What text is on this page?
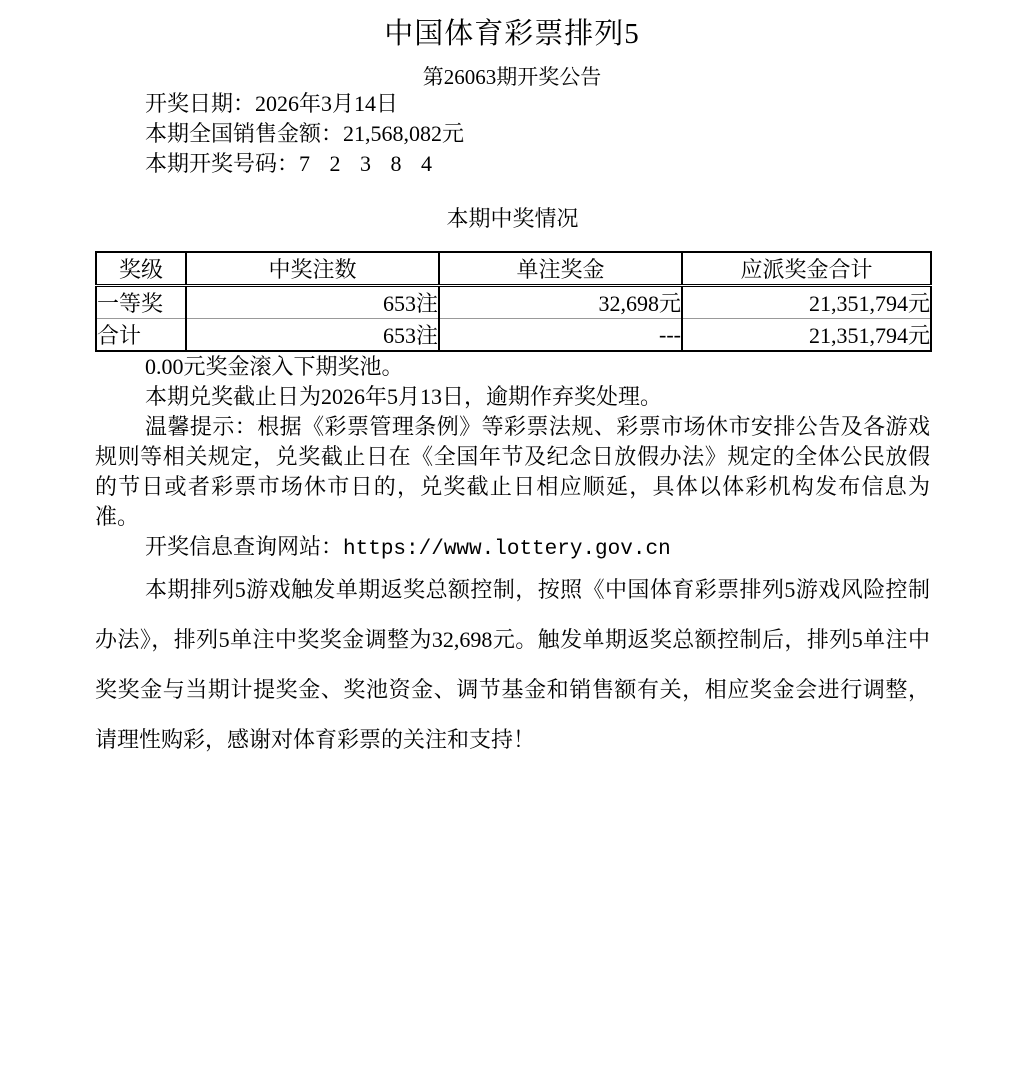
中国体育彩票排列5
第26063期开奖公告

开奖日期：2026年3月14日

本期全国销售金额：21,568,082元

本期开奖号码：7 2 3 8 4

本期中奖情况
奖级	中奖注数	单注奖金	应派奖金合计
一等奖	653注	32,698元	21,351,794元
合计	653注	---	21,351,794元

0.00元奖金滚入下期奖池。

本期兑奖截止日为2026年5月13日，逾期作弃奖处理。

温馨提示：根据《彩票管理条例》等彩票法规、彩票市场休市安排公告及各游戏规则等相关规定，兑奖截止日在《全国年节及纪念日放假办法》规定的全体公民放假的节日或者彩票市场休市日的，兑奖截止日相应顺延，具体以体彩机构发布信息为准。

开奖信息查询网站：https://www.lottery.gov.cn

本期排列5游戏触发单期返奖总额控制，按照《中国体育彩票排列5游戏风险控制办法》，排列5单注中奖奖金调整为32,698元。触发单期返奖总额控制后，排列5单注中奖奖金与当期计提奖金、奖池资金、调节基金和销售额有关，相应奖金会进行调整，请理性购彩，感谢对体育彩票的关注和支持！
